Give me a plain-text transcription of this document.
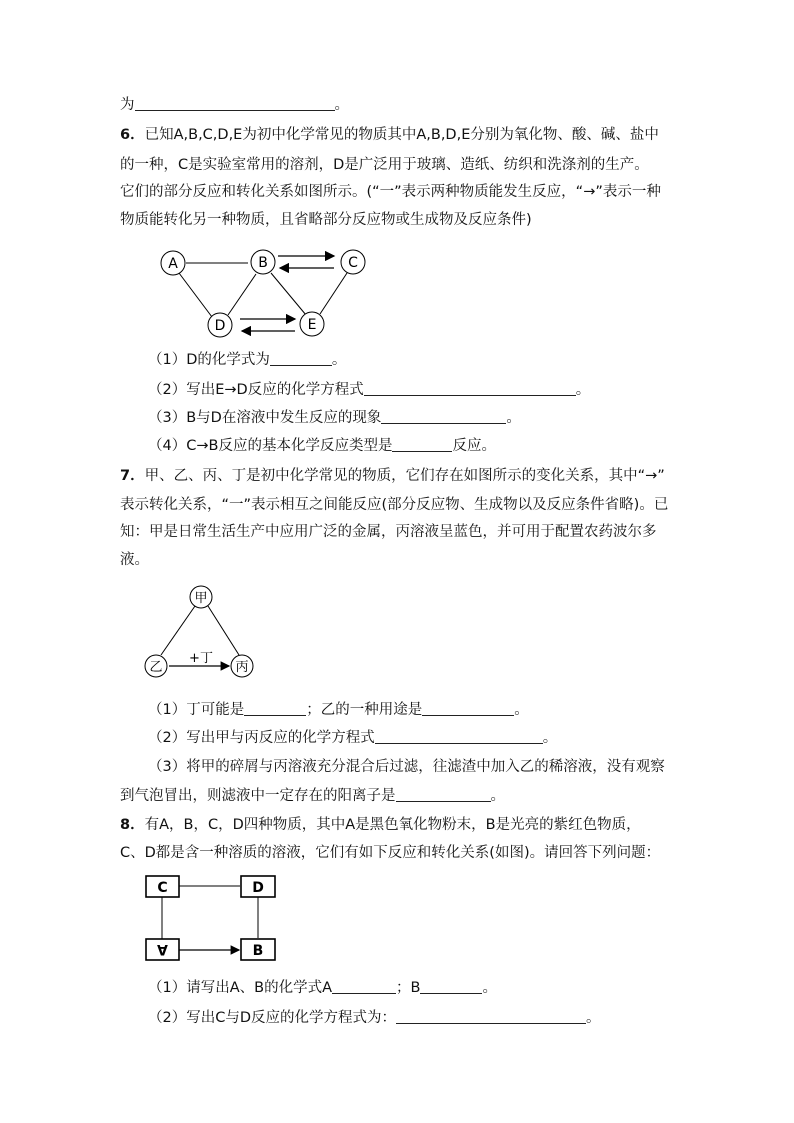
为	。
6．已知A,B,C,D,E为初中化学常见的物质其中A,B,D,E分别为氧化物、酸、碱、盐中
的一种，C是实验室常用的溶剂，D是广泛用于玻璃、造纸、纺织和洗涤剂的生产。
它们的部分反应和转化关系如图所示。(“一”表示两种物质能发生反应，“→”表示一种
物质能转化另一种物质，且省略部分反应物或生成物及反应条件)
A	B	C
D	E
（1）D的化学式为	。
（2）写出E→D反应的化学方程式	。
（3）B与D在溶液中发生反应的现象	。
（4）C→B反应的基本化学反应类型是	反应。
7．甲、乙、丙、丁是初中化学常见的物质，它们存在如图所示的变化关系，其中“→”
表示转化关系，“一”表示相互之间能反应(部分反应物、生成物以及反应条件省略)。已
知：甲是日常生活生产中应用广泛的金属，丙溶液呈蓝色，并可用于配置农药波尔多
液。
+丁
甲
乙	丙
（1）丁可能是	；乙的一种用途是	。
（2）写出甲与丙反应的化学方程式	。
（3）将甲的碎屑与丙溶液充分混合后过滤，往滤渣中加入乙的稀溶液，没有观察
到气泡冒出，则滤液中一定存在的阳离子是	。
8．有A，B，C，D四种物质，其中A是黑色氧化物粉末，B是光亮的紫红色物质，
C、D都是含一种溶质的溶液，它们有如下反应和转化关系(如图)。请回答下列问题：
C	D
A	B
（1）请写出A、B的化学式A	；B	。
（2）写出C与D反应的化学方程式为：	。
